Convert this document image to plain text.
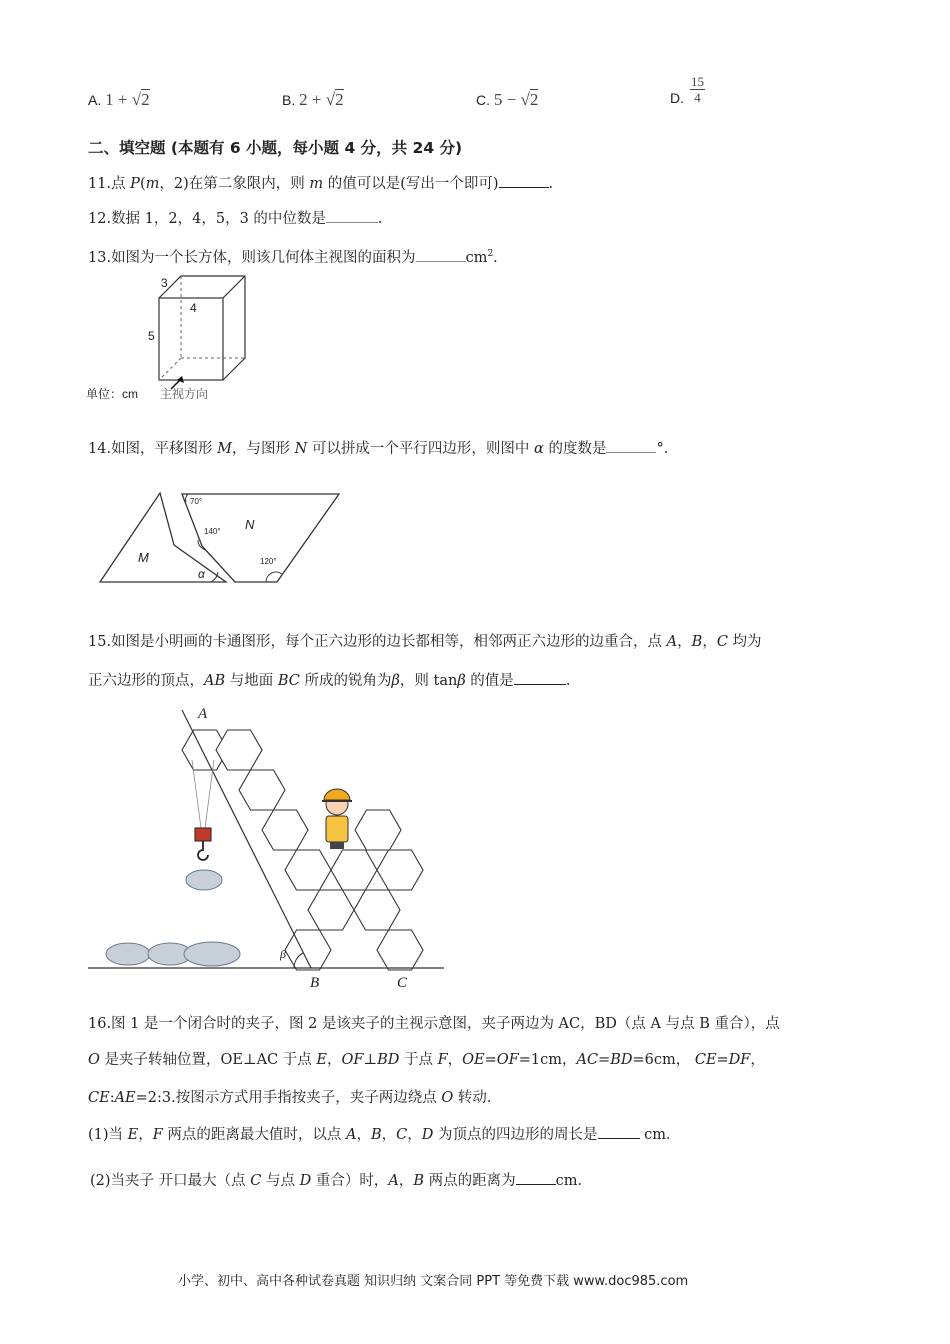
A. 1 + √2	B. 2 + √2	C. 5 − √2	D.
15
4
二、填空题 (本题有 6 小题，每小题 4 分，共 24 分)
11.点 P(m，2)在第二象限内，则 m 的值可以是(写出一个即可)	.
12.数据 1，2，4，5，3 的中位数是	.
13.如图为一个长方体，则该几何体主视图的面积为	$cm^2$.
3
4
5
单位：cm 主视方向
14.如图，平移图形 M，与图形 N 可以拼成一个平行四边形，则图中 α 的度数是	°.
70°
140°
120°
M
N
α
15.如图是小明画的卡通图形，每个正六边形的边长都相等，相邻两正六边形的边重合，点 A，B，C 均为
正六边形的顶点，AB 与地面 BC 所成的锐角为β，则 tanβ 的值是	.
A
B	C
β
16.图 1 是一个闭合时的夹子，图 2 是该夹子的主视示意图，夹子两边为 AC，BD（点 A 与点 B 重合），点
O 是夹子转轴位置，OE⊥AC 于点 E，OF⊥BD 于点 F，OE=OF=1cm，AC=BD=6cm， CE=DF，
CE:AE=2:3.按图示方式用手指按夹子，夹子两边绕点 O 转动．
(1)当 E，F 两点的距离最大值时，以点 A，B，C，D 为顶点的四边形的周长是	cm．
(2)当夹子 开口最大（点 C 与点 D 重合）时，A，B 两点的距离为	cm．
小学、初中、高中各种试卷真题 知识归纳 文案合同 PPT 等免费下载 www.doc985.com
